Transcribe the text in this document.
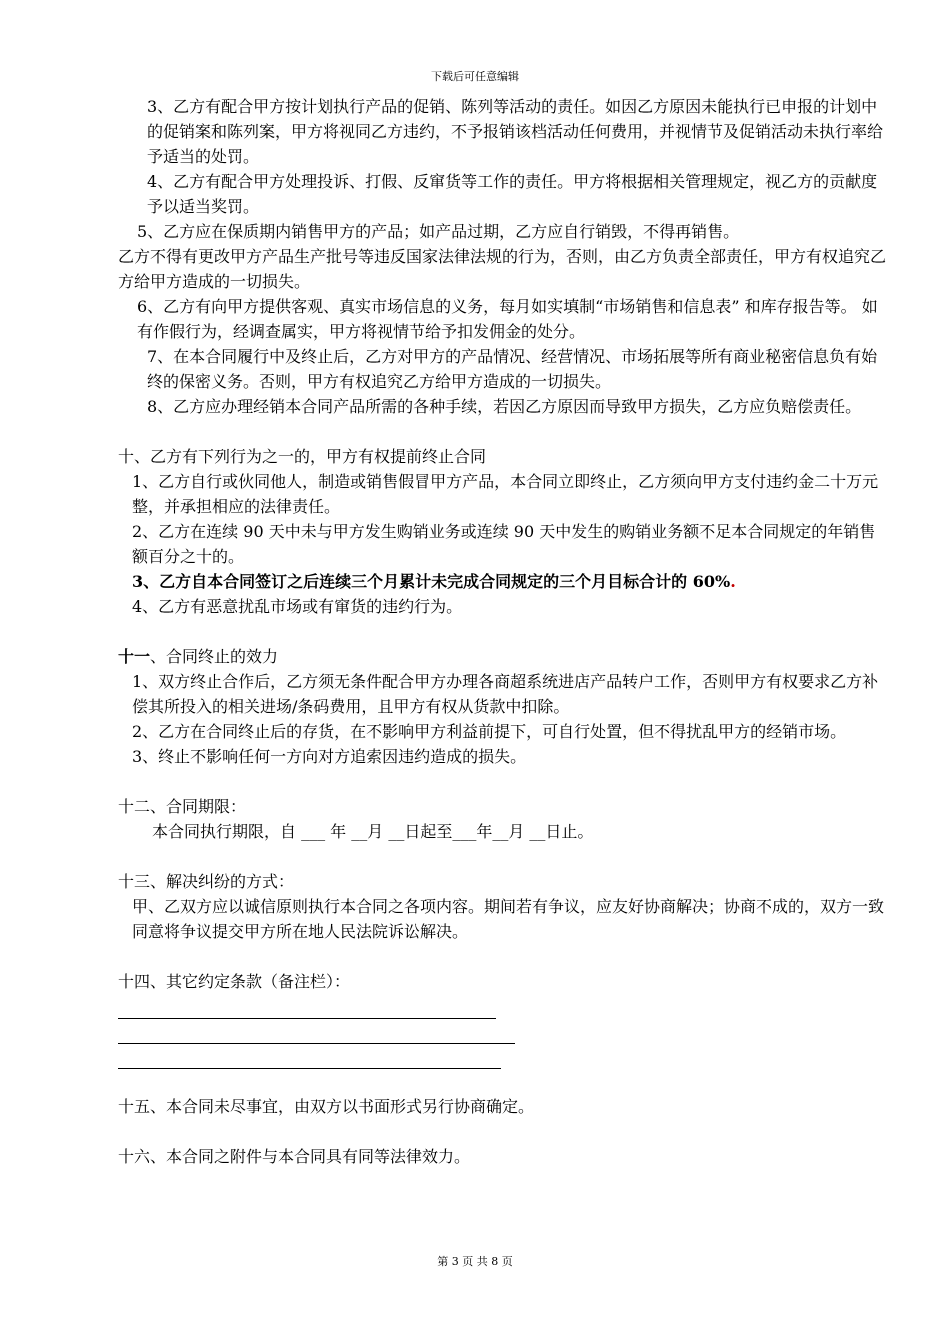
下载后可任意编辑

3、乙方有配合甲方按计划执行产品的促销、陈列等活动的责任。如因乙方原因未能执行已申报的计划中的促销案和陈列案，甲方将视同乙方违约，不予报销该档活动任何费用，并视情节及促销活动未执行率给予适当的处罚。

4、乙方有配合甲方处理投诉、打假、反窜货等工作的责任。甲方将根据相关管理规定，视乙方的贡献度予以适当奖罚。

5、乙方应在保质期内销售甲方的产品；如产品过期，乙方应自行销毁，不得再销售。

乙方不得有更改甲方产品生产批号等违反国家法律法规的行为，否则，由乙方负责全部责任，甲方有权追究乙方给甲方造成的一切损失。

6、乙方有向甲方提供客观、真实市场信息的义务，每月如实填制“市场销售和信息表” 和库存报告等。 如有作假行为，经调查属实，甲方将视情节给予扣发佣金的处分。

7、在本合同履行中及终止后，乙方对甲方的产品情况、经营情况、市场拓展等所有商业秘密信息负有始终的保密义务。否则，甲方有权追究乙方给甲方造成的一切损失。

8、乙方应办理经销本合同产品所需的各种手续，若因乙方原因而导致甲方损失，乙方应负赔偿责任。

十、乙方有下列行为之一的，甲方有权提前终止合同

1、乙方自行或伙同他人，制造或销售假冒甲方产品，本合同立即终止，乙方须向甲方支付违约金二十万元整，并承担相应的法律责任。

2、乙方在连续 90 天中未与甲方发生购销业务或连续 90 天中发生的购销业务额不足本合同规定的年销售额百分之十的。

3、乙方自本合同签订之后连续三个月累计未完成合同规定的三个月目标合计的 60%.

4、乙方有恶意扰乱市场或有窜货的违约行为。

十一、合同终止的效力

1、双方终止合作后，乙方须无条件配合甲方办理各商超系统进店产品转户工作，否则甲方有权要求乙方补偿其所投入的相关进场/条码费用，且甲方有权从货款中扣除。

2、乙方在合同终止后的存货，在不影响甲方利益前提下，可自行处置，但不得扰乱甲方的经销市场。

3、终止不影响任何一方向对方追索因违约造成的损失。

十二、合同期限：

本合同执行期限，自 ___ 年 __月 __日起至___年__月 __日止。

十三、解决纠纷的方式：

甲、乙双方应以诚信原则执行本合同之各项内容。期间若有争议，应友好协商解决；协商不成的，双方一致同意将争议提交甲方所在地人民法院诉讼解决。

十四、其它约定条款（备注栏）：

十五、本合同未尽事宜，由双方以书面形式另行协商确定。

十六、本合同之附件与本合同具有同等法律效力。

第 3 页 共 8 页
